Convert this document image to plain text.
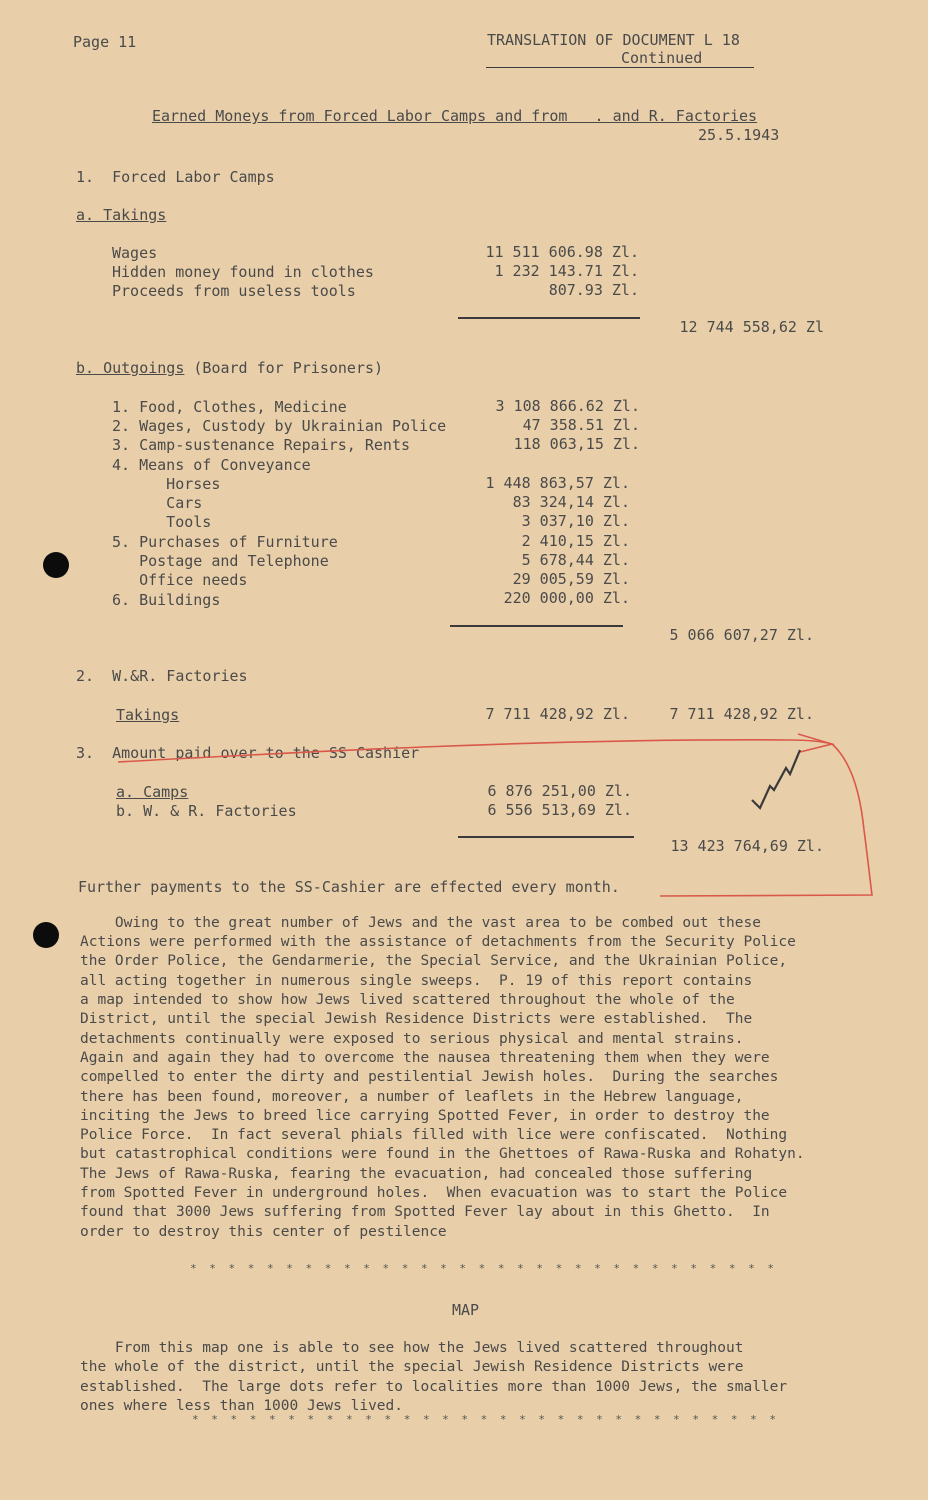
Page 11	TRANSLATION OF DOCUMENT L 18
Continued
Earned Moneys from Forced Labor Camps and from   . and R. Factories
25.5.1943
1.  Forced Labor Camps
a. Takings
Wages	11 511 606.98 Zl.
Hidden money found in clothes	1 232 143.71 Zl.
Proceeds from useless tools	807.93 Zl.
12 744 558,62 Zl
b. Outgoings (Board for Prisoners)
1. Food, Clothes, Medicine	3 108 866.62 Zl.
2. Wages, Custody by Ukrainian Police	47 358.51 Zl.
3. Camp-sustenance Repairs, Rents	118 063,15 Zl.
4. Means of Conveyance
Horses	1 448 863,57 Zl.
Cars	83 324,14 Zl.
Tools	3 037,10 Zl.
5. Purchases of Furniture	2 410,15 Zl.
Postage and Telephone	5 678,44 Zl.
Office needs	29 005,59 Zl.
6. Buildings	220 000,00 Zl.
5 066 607,27 Zl.
2.  W.&R. Factories
Takings	7 711 428,92 Zl.	7 711 428,92 Zl.
3.  Amount paid over to the SS Cashier
a. Camps	6 876 251,00 Zl.
b. W. & R. Factories	6 556 513,69 Zl.
13 423 764,69 Zl.
Further payments to the SS-Cashier are effected every month.
Owing to the great number of Jews and the vast area to be combed out these
Actions were performed with the assistance of detachments from the Security Police
the Order Police, the Gendarmerie, the Special Service, and the Ukrainian Police,
all acting together in numerous single sweeps.  P. 19 of this report contains
a map intended to show how Jews lived scattered throughout the whole of the
District, until the special Jewish Residence Districts were established.  The
detachments continually were exposed to serious physical and mental strains.
Again and again they had to overcome the nausea threatening them when they were
compelled to enter the dirty and pestilential Jewish holes.  During the searches
there has been found, moreover, a number of leaflets in the Hebrew language,
inciting the Jews to breed lice carrying Spotted Fever, in order to destroy the
Police Force.  In fact several phials filled with lice were confiscated.  Nothing
but catastrophical conditions were found in the Ghettoes of Rawa-Ruska and Rohatyn.
The Jews of Rawa-Ruska, fearing the evacuation, had concealed those suffering
from Spotted Fever in underground holes.  When evacuation was to start the Police
found that 3000 Jews suffering from Spotted Fever lay about in this Ghetto.  In
order to destroy this center of pestilence
* * * * * * * * * * * * * * * * * * * * * * * * * * * * * * *
MAP
From this map one is able to see how the Jews lived scattered throughout
the whole of the district, until the special Jewish Residence Districts were
established.  The large dots refer to localities more than 1000 Jews, the smaller
ones where less than 1000 Jews lived.
* * * * * * * * * * * * * * * * * * * * * * * * * * * * * * *
